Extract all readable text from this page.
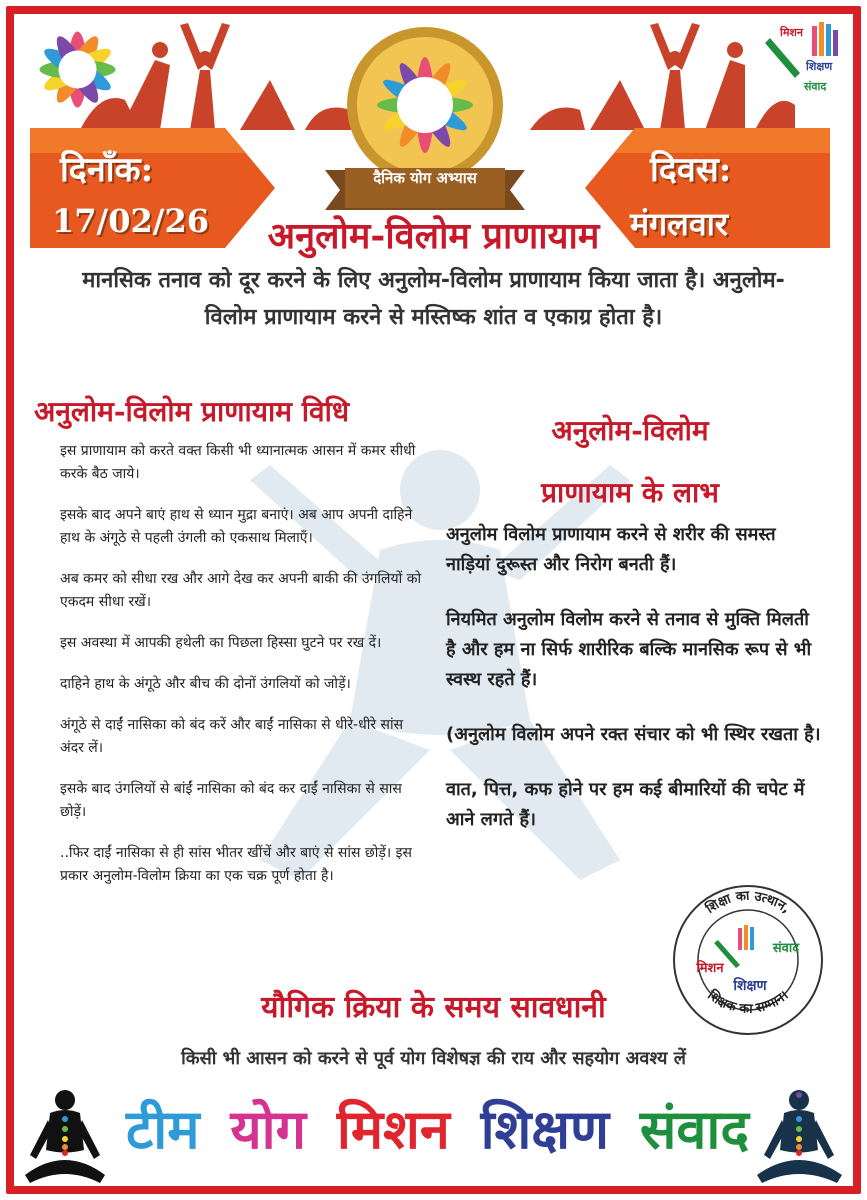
मिशन
शिक्षण
संवाद
दैनिक योग अभ्यास
दिनाँक:
17/02/26
दिवस:
मंगलवार
अनुलोम-विलोम प्राणायाम
मानसिक तनाव को दूर करने के लिए अनुलोम-विलोम प्राणायाम किया जाता है। अनुलोम-विलोम प्राणायाम करने से मस्तिष्क शांत व एकाग्र होता है।
अनुलोम-विलोम प्राणायाम विधि
इस प्राणायाम को करते वक्त किसी भी ध्यानात्मक आसन में कमर सीधी करके बैठ जाये।
इसके बाद अपने बाएं हाथ से ध्यान मुद्रा बनाएं। अब आप अपनी दाहिने हाथ के अंगूठे से पहली उंगली को एकसाथ मिलाएँ।
अब कमर को सीधा रख और आगे देख कर अपनी बाकी की उंगलियों को एकदम सीधा रखें।
इस अवस्था में आपकी हथेली का पिछला हिस्सा घुटने पर रख दें।
दाहिने हाथ के अंगूठे और बीच की दोनों उंगलियों को जोड़ें।
अंगूठे से दाईं नासिका को बंद करें और बाईं नासिका से धीरे-धीरे सांस अंदर लें।
इसके बाद उंगलियों से बांईं नासिका को बंद कर दाईं नासिका से सास छोड़ें।
..फिर दाईं नासिका से ही सांस भीतर खींचें और बाएं से सांस छोड़ें। इस प्रकार अनुलोम-विलोम क्रिया का एक चक्र पूर्ण होता है।
अनुलोम-विलोम
प्राणायाम के लाभ
अनुलोम विलोम प्राणायाम करने से शरीर की समस्त नाड़ियां दुरूस्त और निरोग बनती हैं।
नियमित अनुलोम विलोम करने से तनाव से मुक्ति मिलती है और हम ना सिर्फ शारीरिक बल्कि मानसिक रूप से भी स्वस्थ रहते हैं।
(अनुलोम विलोम अपने रक्त संचार को भी स्थिर रखता है।
वात, पित्त, कफ होने पर हम कई बीमारियों की चपेट में आने लगते हैं।
शिक्षा का उत्थान,
शिक्षक का सम्मान।
मिशन
शिक्षण
संवाद
यौगिक क्रिया के समय सावधानी
किसी भी आसन को करने से पूर्व योग विशेषज्ञ की राय और सहयोग अवश्य लें
टीम योग मिशन शिक्षण संवाद
